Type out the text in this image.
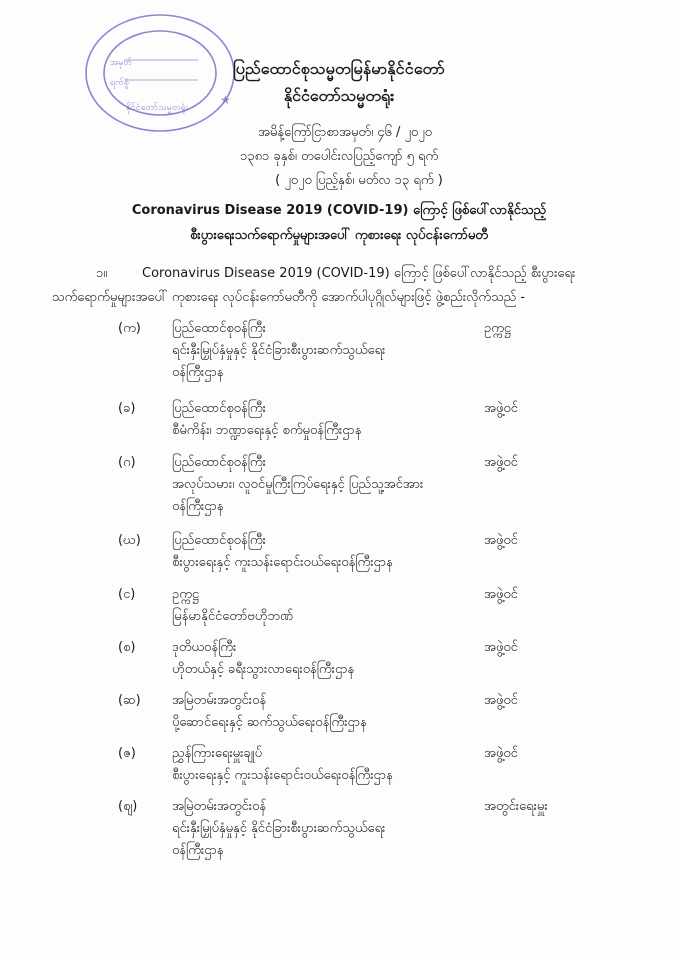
အမှတ်
ရက်စွဲ
နိုင်ငံတော်သမ္မတရုံး
★
ပြည်ထောင်စုသမ္မတမြန်မာနိုင်ငံတော်
နိုင်ငံတော်သမ္မတရုံး
အမိန့်ကြော်ငြာစာအမှတ်၊ ၄၆ / ၂၀၂၀
၁၃၈၁ ခုနှစ်၊ တပေါင်းလပြည့်ကျော် ၅ ရက်
( ၂၀၂၀ ပြည့်နှစ်၊ မတ်လ ၁၃ ရက် )
Coronavirus Disease 2019 (COVID-19) ကြောင့် ဖြစ်ပေါ်လာနိုင်သည့်
စီးပွားရေးသက်ရောက်မှုများအပေါ် ကုစားရေး လုပ်ငန်းကော်မတီ
၁။	Coronavirus Disease 2019 (COVID-19) ကြောင့် ဖြစ်ပေါ်လာနိုင်သည့် စီးပွားရေး
သက်ရောက်မှုများအပေါ် ကုစားရေး လုပ်ငန်းကော်မတီကို အောက်ပါပုဂ္ဂိုလ်များဖြင့် ဖွဲ့စည်းလိုက်သည် -
(က)	ပြည်ထောင်စုဝန်ကြီး
ရင်းနှီးမြှုပ်နှံမှုနှင့် နိုင်ငံခြားစီးပွားဆက်သွယ်ရေး
ဝန်ကြီးဌာန
ဥက္ကဋ္ဌ
(ခ)	ပြည်ထောင်စုဝန်ကြီး
စီမံကိန်း၊ ဘဏ္ဍာရေးနှင့် စက်မှုဝန်ကြီးဌာန
အဖွဲ့ဝင်
(ဂ)	ပြည်ထောင်စုဝန်ကြီး
အလုပ်သမား၊ လူဝင်မှုကြီးကြပ်ရေးနှင့် ပြည်သူ့အင်အား
ဝန်ကြီးဌာန
အဖွဲ့ဝင်
(ဃ)	ပြည်ထောင်စုဝန်ကြီး
စီးပွားရေးနှင့် ကူးသန်းရောင်းဝယ်ရေးဝန်ကြီးဌာန
အဖွဲ့ဝင်
(င)	ဥက္ကဋ္ဌ
မြန်မာနိုင်ငံတော်ဗဟိုဘဏ်
အဖွဲ့ဝင်
(စ)	ဒုတိယဝန်ကြီး
ဟိုတယ်နှင့် ခရီးသွားလာရေးဝန်ကြီးဌာန
အဖွဲ့ဝင်
(ဆ)	အမြဲတမ်းအတွင်းဝန်
ပို့ဆောင်ရေးနှင့် ဆက်သွယ်ရေးဝန်ကြီးဌာန
အဖွဲ့ဝင်
(ဇ)	ညွှန်ကြားရေးမှူးချုပ်
စီးပွားရေးနှင့် ကူးသန်းရောင်းဝယ်ရေးဝန်ကြီးဌာန
အဖွဲ့ဝင်
(ဈ)	အမြဲတမ်းအတွင်းဝန်
ရင်းနှီးမြှုပ်နှံမှုနှင့် နိုင်ငံခြားစီးပွားဆက်သွယ်ရေး
ဝန်ကြီးဌာန
အတွင်းရေးမှူး
